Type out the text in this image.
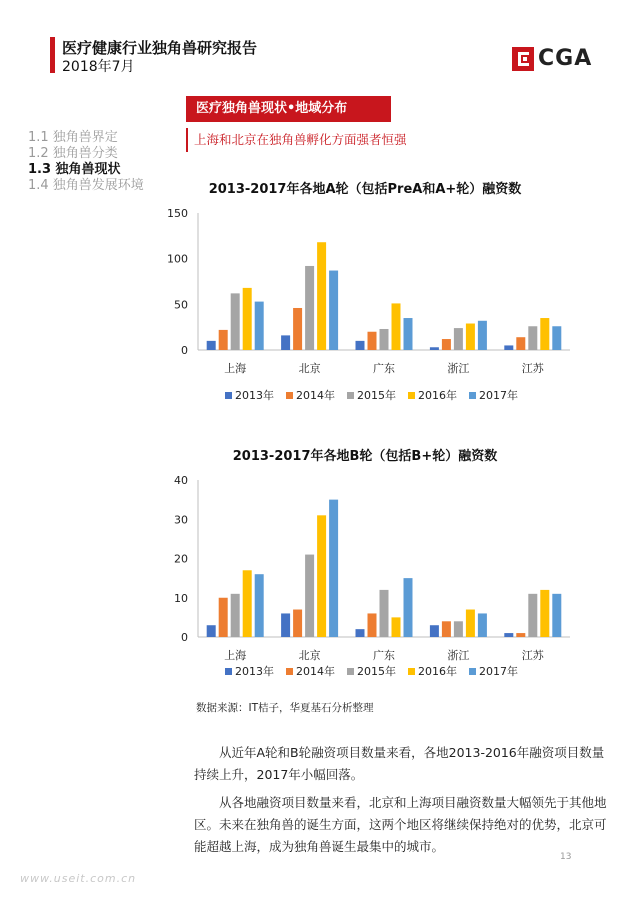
医疗健康行业独角兽研究报告
2018年7月	CGA
1.1 独角兽界定
1.2 独角兽分类
1.3 独角兽现状
1.4 独角兽发展环境
医疗独角兽现状•地域分布
上海和北京在独角兽孵化方面强者恒强
2013-2017年各地A轮（包括PreA和A+轮）融资数
0
50
100
150
上海	北京	广东	浙江	江苏
2013年 2014年 2015年 2016年 2017年
2013-2017年各地B轮（包括B+轮）融资数
0
10
20
30
40
上海	北京	广东	浙江	江苏
2013年 2014年 2015年 2016年 2017年
数据来源：IT桔子，华夏基石分析整理

从近年A轮和B轮融资项目数量来看，各地2013-2016年融资项目数量持续上升，2017年小幅回落。

从各地融资项目数量来看，北京和上海项目融资数量大幅领先于其他地区。未来在独角兽的诞生方面，这两个地区将继续保持绝对的优势，北京可能超越上海，成为独角兽诞生最集中的城市。

13
www.useit.com.cn
